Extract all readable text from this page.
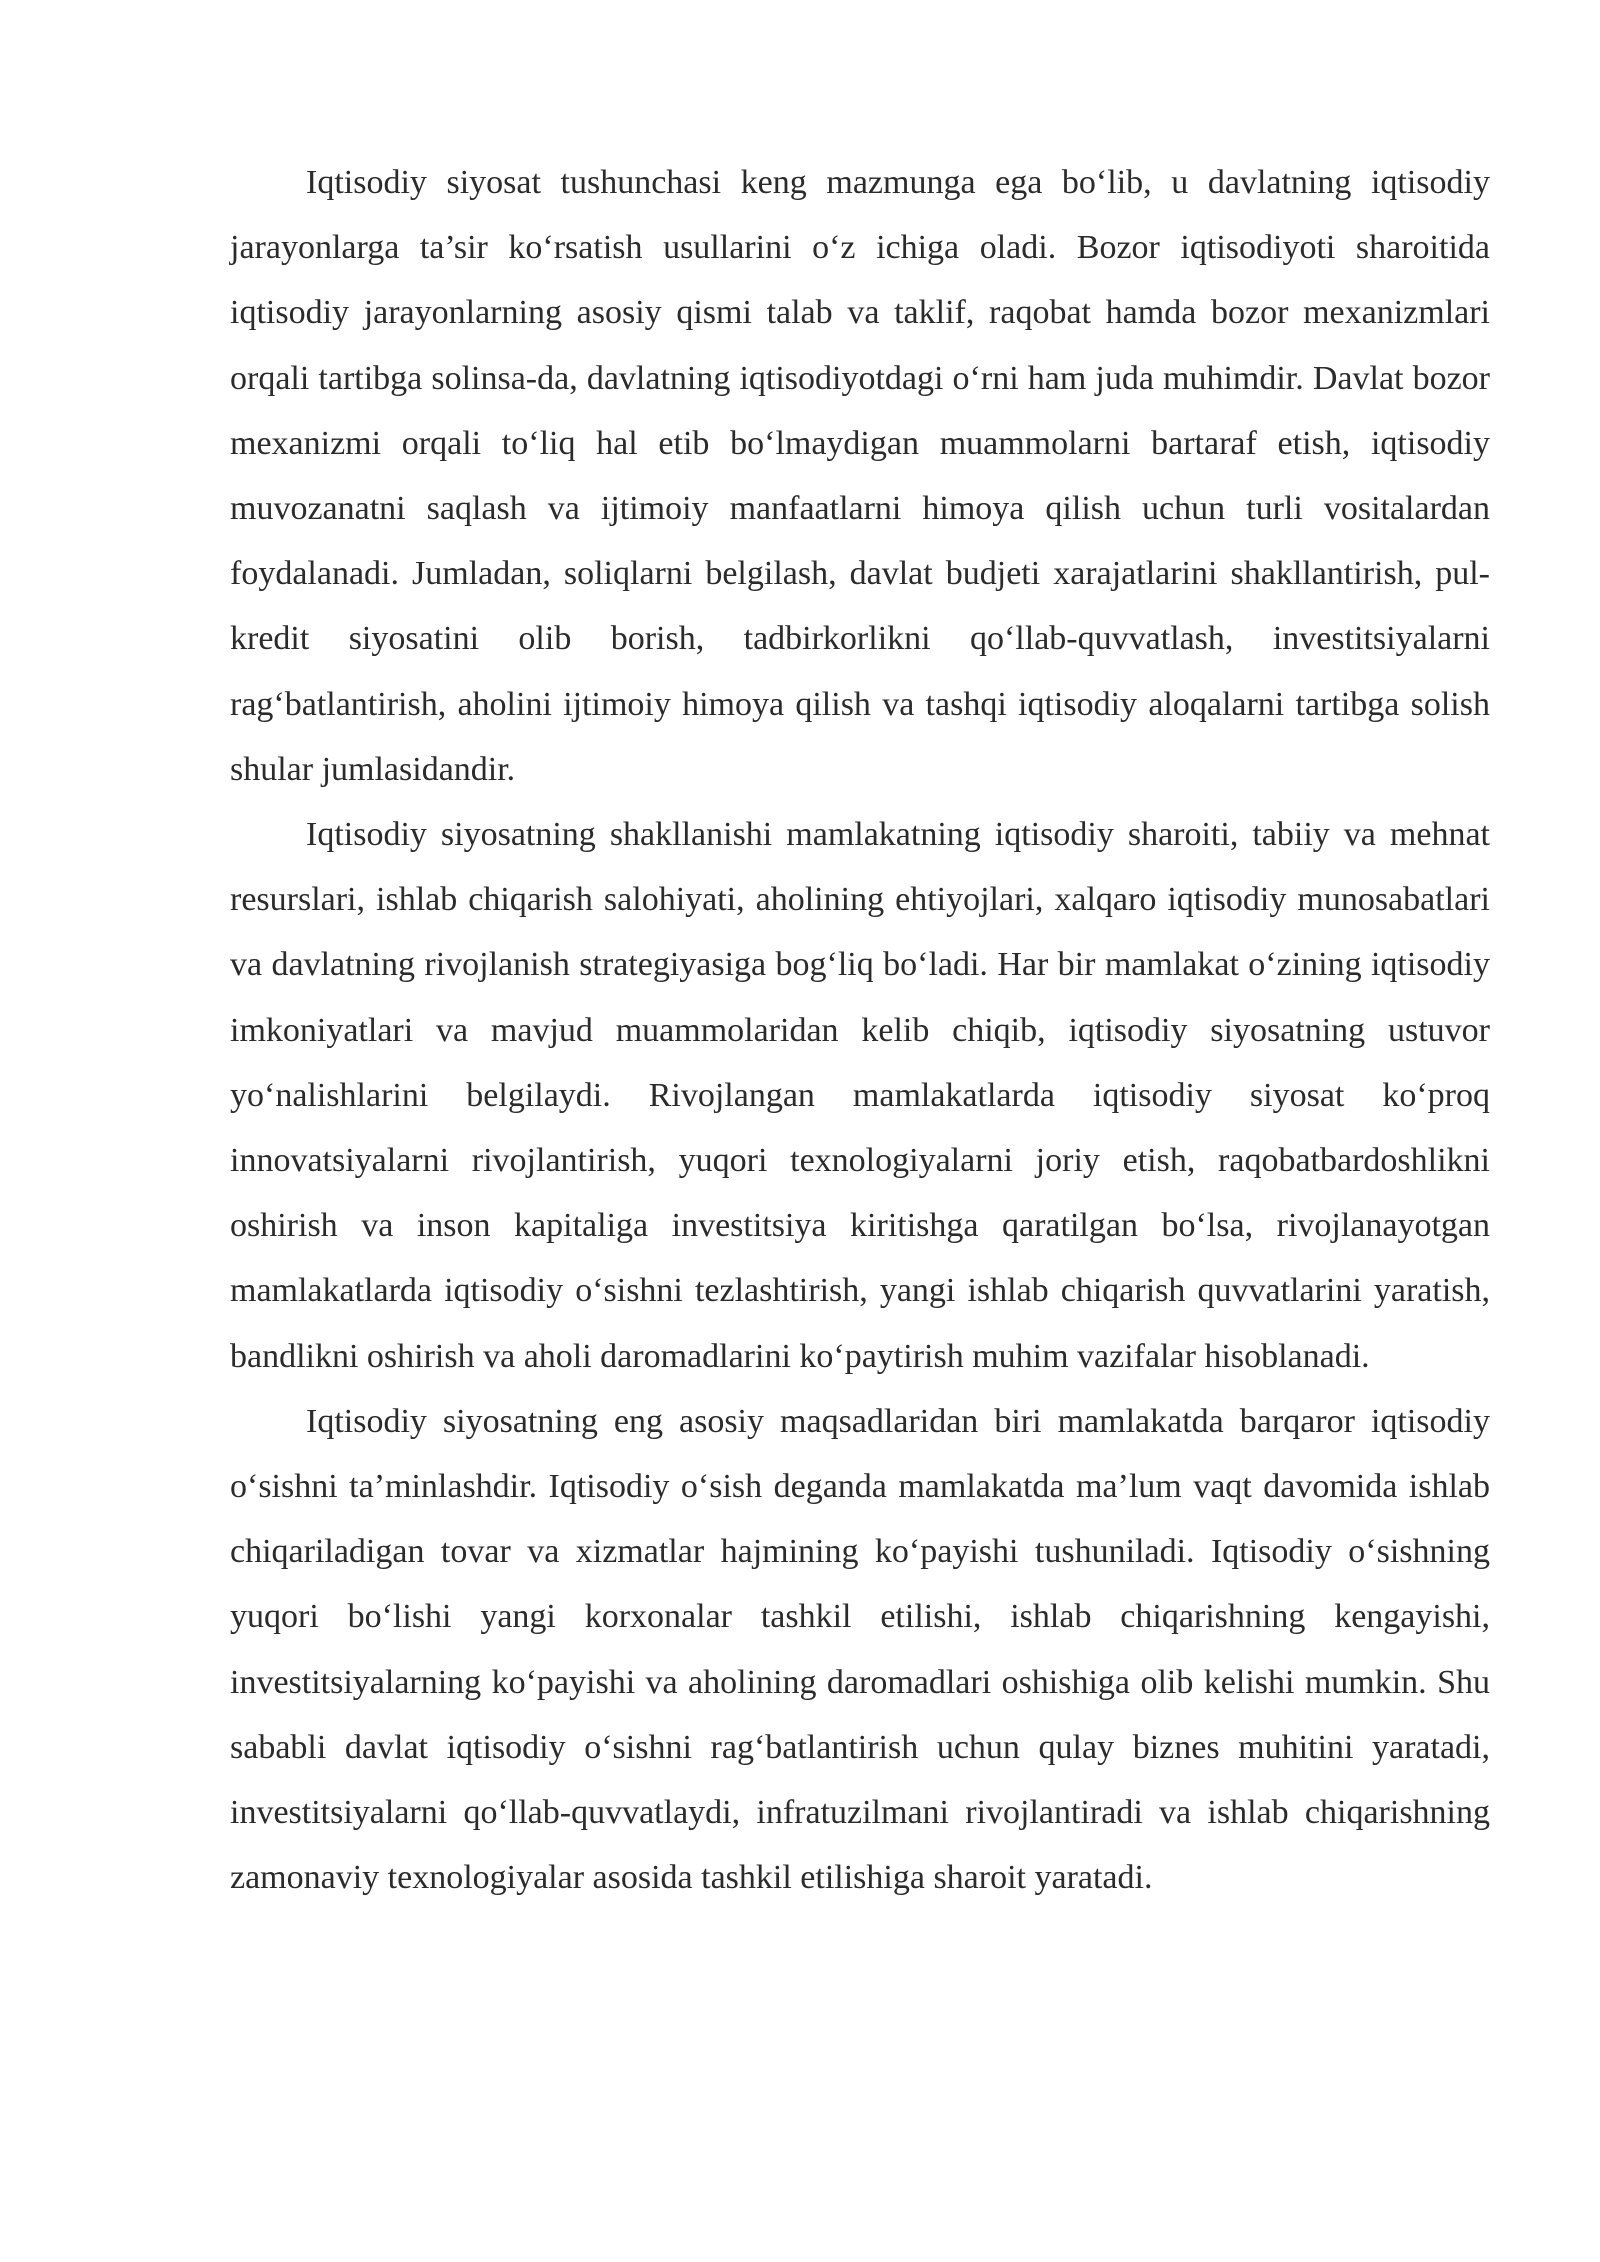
Iqtisodiy siyosat tushunchasi keng mazmunga ega bo‘lib, u davlatning iqtisodiy jarayonlarga ta’sir ko‘rsatish usullarini o‘z ichiga oladi. Bozor iqtisodiyoti sharoitida iqtisodiy jarayonlarning asosiy qismi talab va taklif, raqobat hamda bozor mexanizmlari orqali tartibga solinsa-da, davlatning iqtisodiyotdagi o‘rni ham juda muhimdir. Davlat bozor mexanizmi orqali to‘liq hal etib bo‘lmaydigan muammolarni bartaraf etish, iqtisodiy muvozanatni saqlash va ijtimoiy manfaatlarni himoya qilish uchun turli vositalardan foydalanadi. Jumladan, soliqlarni belgilash, davlat budjeti xarajatlarini shakllantirish, pul-kredit siyosatini olib borish, tadbirkorlikni qo‘llab-quvvatlash, investitsiyalarni rag‘batlantirish, aholini ijtimoiy himoya qilish va tashqi iqtisodiy aloqalarni tartibga solish shular jumlasidandir.

Iqtisodiy siyosatning shakllanishi mamlakatning iqtisodiy sharoiti, tabiiy va mehnat resurslari, ishlab chiqarish salohiyati, aholining ehtiyojlari, xalqaro iqtisodiy munosabatlari va davlatning rivojlanish strategiyasiga bog‘liq bo‘ladi. Har bir mamlakat o‘zining iqtisodiy imkoniyatlari va mavjud muammolaridan kelib chiqib, iqtisodiy siyosatning ustuvor yo‘nalishlarini belgilaydi. Rivojlangan mamlakatlarda iqtisodiy siyosat ko‘proq innovatsiyalarni rivojlantirish, yuqori texnologiyalarni joriy etish, raqobatbardoshlikni oshirish va inson kapitaliga investitsiya kiritishga qaratilgan bo‘lsa, rivojlanayotgan mamlakatlarda iqtisodiy o‘sishni tezlashtirish, yangi ishlab chiqarish quvvatlarini yaratish, bandlikni oshirish va aholi daromadlarini ko‘paytirish muhim vazifalar hisoblanadi.

Iqtisodiy siyosatning eng asosiy maqsadlaridan biri mamlakatda barqaror iqtisodiy o‘sishni ta’minlashdir. Iqtisodiy o‘sish deganda mamlakatda ma’lum vaqt davomida ishlab chiqariladigan tovar va xizmatlar hajmining ko‘payishi tushuniladi. Iqtisodiy o‘sishning yuqori bo‘lishi yangi korxonalar tashkil etilishi, ishlab chiqarishning kengayishi, investitsiyalarning ko‘payishi va aholining daromadlari oshishiga olib kelishi mumkin. Shu sababli davlat iqtisodiy o‘sishni rag‘batlantirish uchun qulay biznes muhitini yaratadi, investitsiyalarni qo‘llab-quvvatlaydi, infratuzilmani rivojlantiradi va ishlab chiqarishning zamonaviy texnologiyalar asosida tashkil etilishiga sharoit yaratadi.
